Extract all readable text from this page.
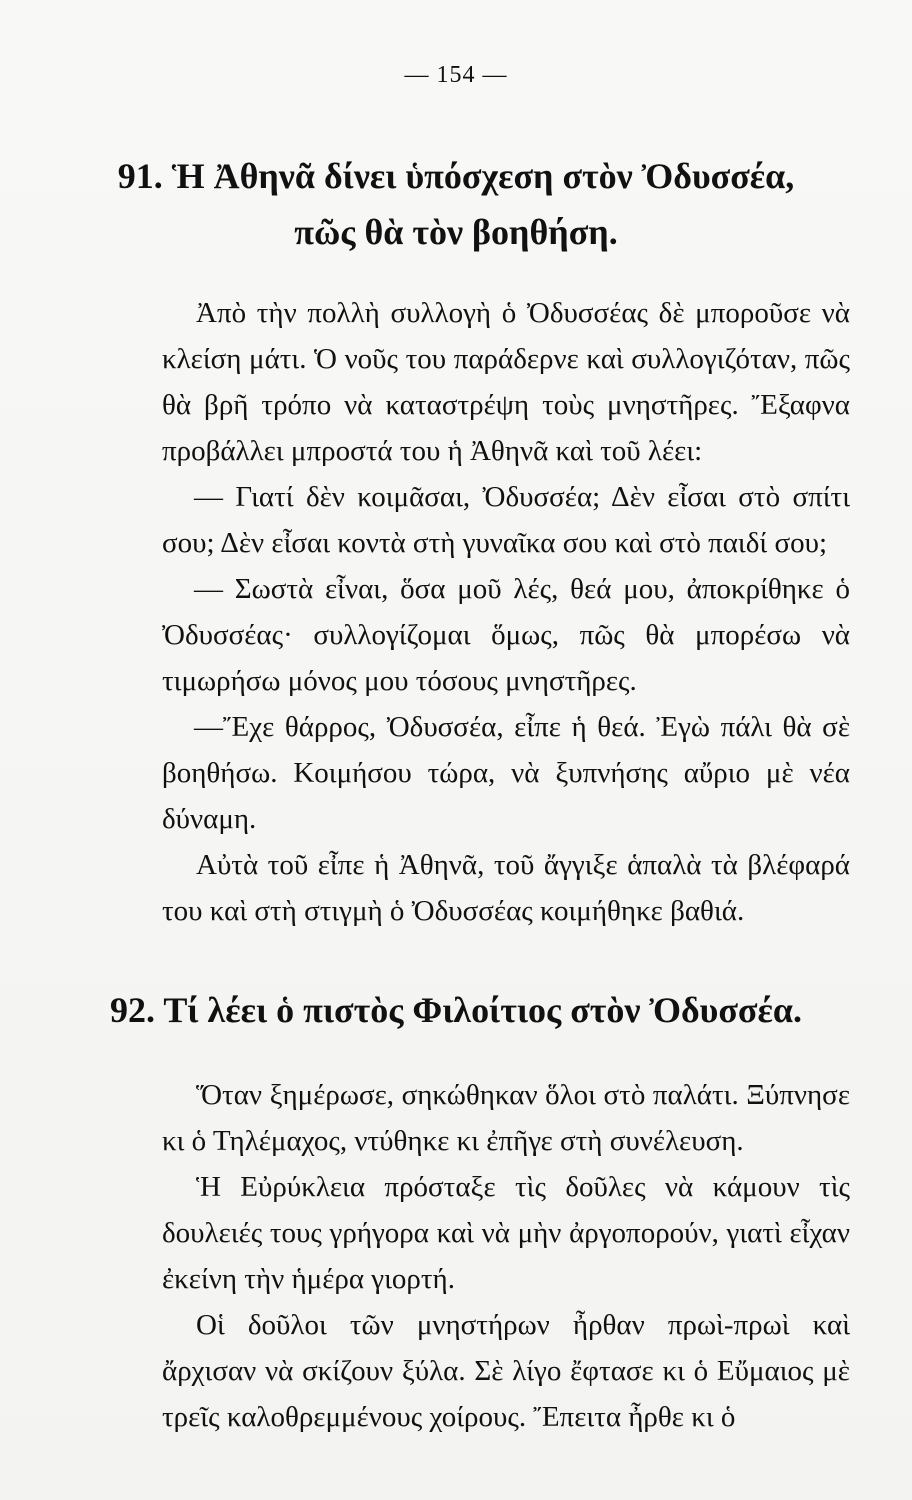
— 154 —
91. Ἡ Ἀθηνᾶ δίνει ὑπόσχεση στὸν Ὀδυσσέα,
πῶς θὰ τὸν βοηθήση.

Ἀπὸ τὴν πολλὴ συλλογὴ ὁ Ὀδυσσέας δὲ μποροῦσε νὰ κλείση μάτι. Ὁ νοῦς του παράδερνε καὶ συλλογιζόταν, πῶς θὰ βρῆ τρόπο νὰ καταστρέψη τοὺς μνηστῆρες. Ἔξαφνα προβάλλει μπροστά του ἡ Ἀθηνᾶ καὶ τοῦ λέει:

— Γιατί δὲν κοιμᾶσαι, Ὀδυσσέα; Δὲν εἶσαι στὸ σπίτι σου; Δὲν εἶσαι κοντὰ στὴ γυναῖκα σου καὶ στὸ παιδί σου;

— Σωστὰ εἶναι, ὅσα μοῦ λές, θεά μου, ἀποκρίθηκε ὁ Ὀδυσσέας· συλλογίζομαι ὅμως, πῶς θὰ μπορέσω νὰ τιμωρήσω μόνος μου τόσους μνηστῆρες.

—Ἔχε θάρρος, Ὀδυσσέα, εἶπε ἡ θεά. Ἐγὼ πάλι θὰ σὲ βοηθήσω. Κοιμήσου τώρα, νὰ ξυπνήσης αὔριο μὲ νέα δύναμη.

Αὐτὰ τοῦ εἶπε ἡ Ἀθηνᾶ, τοῦ ἄγγιξε ἁπαλὰ τὰ βλέφαρά του καὶ στὴ στιγμὴ ὁ Ὀδυσσέας κοιμήθηκε βαθιά.

92. Τί λέει ὁ πιστὸς Φιλοίτιος στὸν Ὀδυσσέα.

Ὅταν ξημέρωσε, σηκώθηκαν ὅλοι στὸ παλάτι. Ξύπνησε κι ὁ Τηλέμαχος, ντύθηκε κι ἐπῆγε στὴ συνέλευση.

Ἡ Εὐρύκλεια πρόσταξε τὶς δοῦλες νὰ κάμουν τὶς δουλειές τους γρήγορα καὶ νὰ μὴν ἀργοπορούν, γιατὶ εἶχαν ἐκείνη τὴν ἡμέρα γιορτή.

Οἱ δοῦλοι τῶν μνηστήρων ἦρθαν πρωὶ-πρωὶ καὶ ἄρχισαν νὰ σκίζουν ξύλα. Σὲ λίγο ἔφτασε κι ὁ Εὔμαιος μὲ τρεῖς καλοθρεμμένους χοίρους. Ἔπειτα ἦρθε κι ὁ
